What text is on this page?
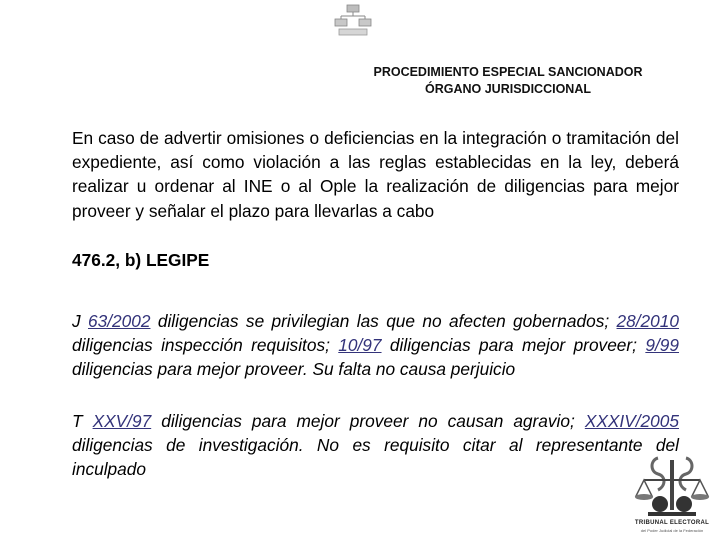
PROCEDIMIENTO ESPECIAL SANCIONADOR
ÓRGANO JURISDICCIONAL
En caso de advertir omisiones o deficiencias en la integración o tramitación del expediente, así como violación a las reglas establecidas en la ley, deberá realizar u ordenar al INE o al Ople la realización de diligencias para mejor proveer y señalar el plazo para llevarlas a cabo
476.2, b) LEGIPE
J 63/2002 diligencias se privilegian las que no afecten gobernados; 28/2010 diligencias inspección requisitos; 10/97 diligencias para mejor proveer; 9/99 diligencias para mejor proveer. Su falta no causa perjuicio
T XXV/97 diligencias para mejor proveer no causan agravio; XXXIV/2005 diligencias de investigación. No es requisito citar al representante del inculpado
TRIBUNAL ELECTORAL
del Poder Judicial de la Federación
